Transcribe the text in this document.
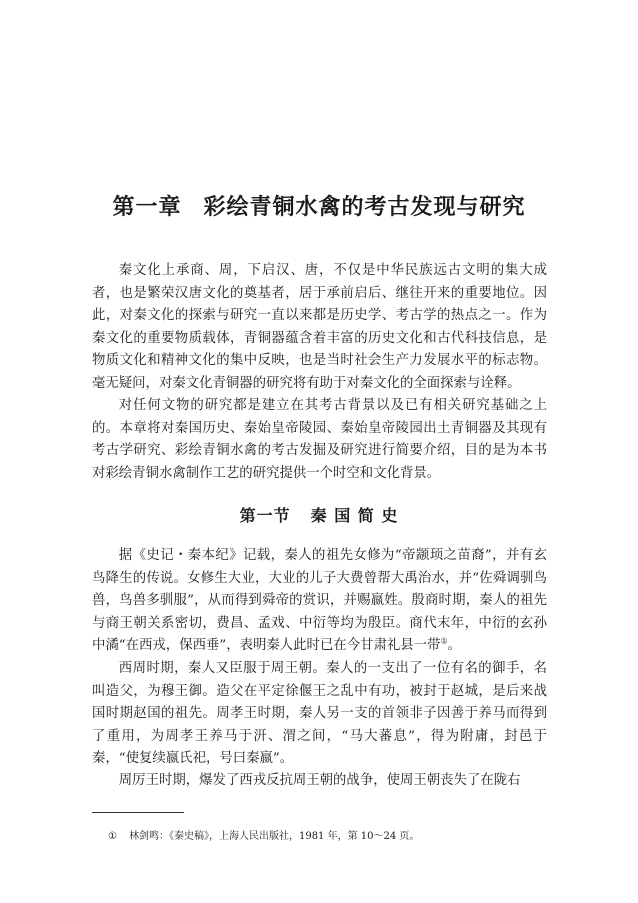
第一章 彩绘青铜水禽的考古发现与研究

秦文化上承商、周，下启汉、唐，不仅是中华民族远古文明的集大成者，也是繁荣汉唐文化的奠基者，居于承前启后、继往开来的重要地位。因此，对秦文化的探索与研究一直以来都是历史学、考古学的热点之一。作为秦文化的重要物质载体，青铜器蕴含着丰富的历史文化和古代科技信息，是物质文化和精神文化的集中反映，也是当时社会生产力发展水平的标志物。毫无疑问，对秦文化青铜器的研究将有助于对秦文化的全面探索与诠释。

对任何文物的研究都是建立在其考古背景以及已有相关研究基础之上的。本章将对秦国历史、秦始皇帝陵园、秦始皇帝陵园出土青铜器及其现有考古学研究、彩绘青铜水禽的考古发掘及研究进行简要介绍，目的是为本书对彩绘青铜水禽制作工艺的研究提供一个时空和文化背景。

第一节 秦 国 简 史

据《史记・秦本纪》记载，秦人的祖先女修为“帝颛顼之苗裔”，并有玄鸟降生的传说。女修生大业，大业的儿子大费曾帮大禹治水，并“佐舜调驯鸟兽，鸟兽多驯服”，从而得到舜帝的赏识，并赐嬴姓。殷商时期，秦人的祖先与商王朝关系密切，费昌、孟戏、中衍等均为殷臣。商代末年，中衍的玄孙中潏“在西戎，保西垂”，表明秦人此时已在今甘肃礼县一带①。

西周时期，秦人又臣服于周王朝。秦人的一支出了一位有名的御手，名叫造父，为穆王御。造父在平定徐偃王之乱中有功，被封于赵城，是后来战国时期赵国的祖先。周孝王时期，秦人另一支的首领非子因善于养马而得到了重用，为周孝王养马于汧、渭之间，“马大蕃息”，得为附庸，封邑于秦，“使复续嬴氏祀，号曰秦嬴”。

周厉王时期，爆发了西戎反抗周王朝的战争，使周王朝丧失了在陇右

① 林剑鸣：《秦史稿》，上海人民出版社，1981 年，第 10～24 页。
